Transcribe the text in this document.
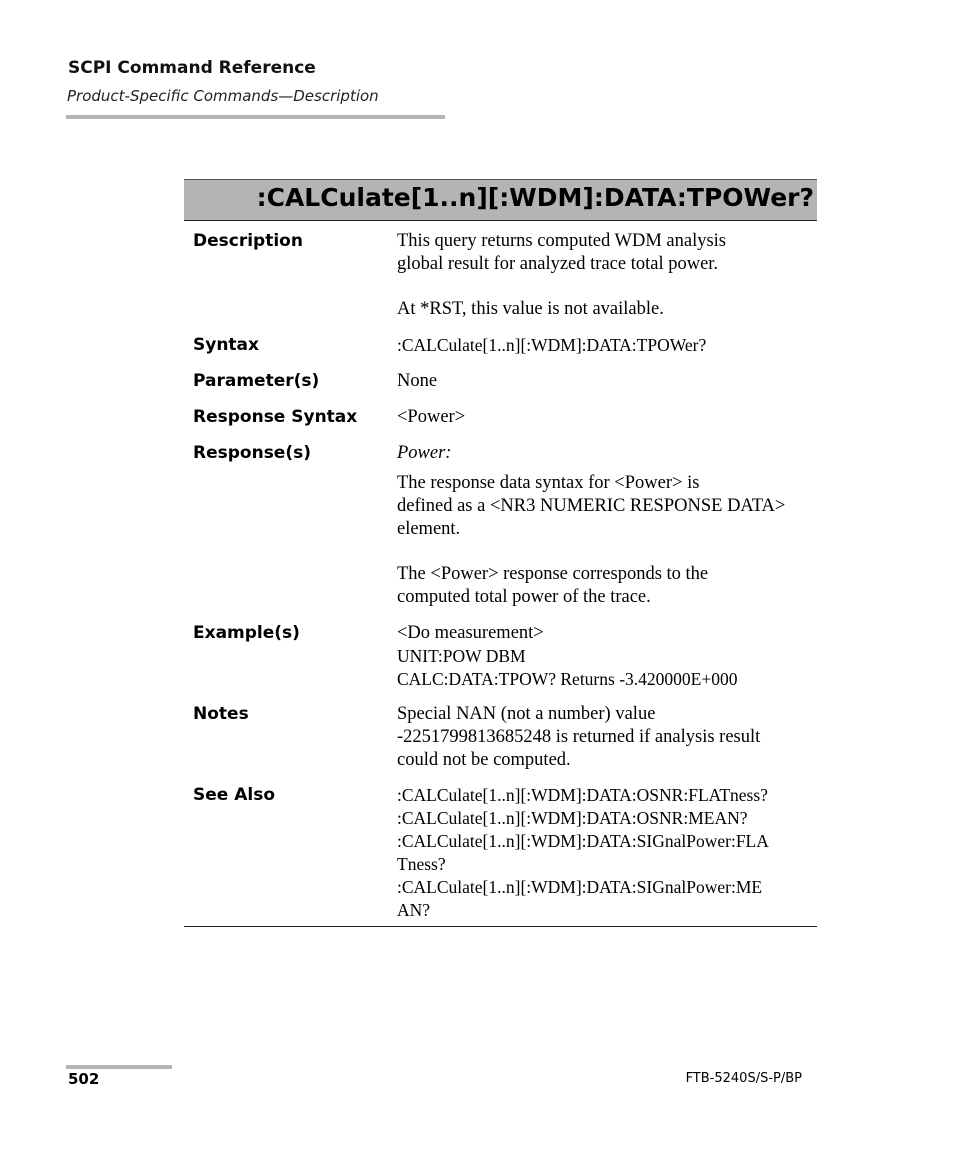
SCPI Command Reference
Product-Specific Commands—Description
:CALCulate[1..n][:WDM]:DATA:TPOWer?
Description	This query returns computed WDM analysis

global result for analyzed trace total power.

At *RST, this value is not available.

Syntax	:CALCulate[1..n][:WDM]:DATA:TPOWer?
Parameter(s)	None
Response Syntax <Power>
Response(s)	Power:

The response data syntax for <Power> is

defined as a <NR3 NUMERIC RESPONSE DATA>

element.

The <Power> response corresponds to the

computed total power of the trace.

Example(s)	<Do measurement>

UNIT:POW DBM

CALC:DATA:TPOW? Returns -3.420000E+000

Notes	Special NAN (not a number) value

-2251799813685248 is returned if analysis result

could not be computed.

See Also	:CALCulate[1..n][:WDM]:DATA:OSNR:FLATness?

:CALCulate[1..n][:WDM]:DATA:OSNR:MEAN?

:CALCulate[1..n][:WDM]:DATA:SIGnalPower:FLA

Tness?

:CALCulate[1..n][:WDM]:DATA:SIGnalPower:ME

AN?

502	FTB-5240S/S-P/BP
